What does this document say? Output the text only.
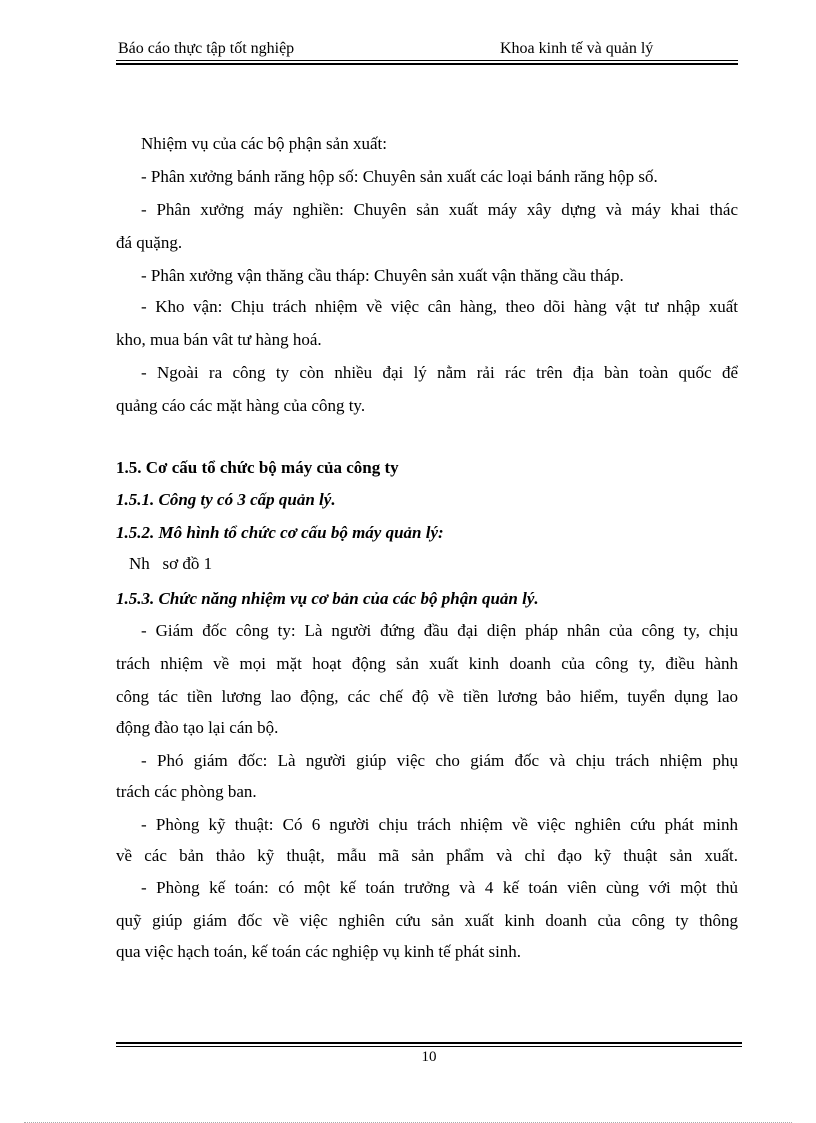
Báo cáo thực tập tốt nghiệp	Khoa kinh tế và quản lý
Nhiệm vụ của các bộ phận sản xuất:
- Phân xưởng bánh răng hộp số: Chuyên sản xuất các loại bánh răng hộp số.
- Phân xưởng máy nghiền: Chuyên sản xuất máy xây dựng và máy khai thác
đá quặng.
- Phân xưởng vận thăng cầu tháp: Chuyên sản xuất vận thăng cầu tháp.
- Kho vận: Chịu trách nhiệm về việc cân hàng, theo dõi hàng vật tư nhập xuất
kho, mua bán vât tư hàng hoá.
- Ngoài ra công ty còn nhiều đại lý nằm rải rác trên địa bàn toàn quốc để
quảng cáo các mặt hàng của công ty.
1.5. Cơ cấu tổ chức bộ máy của công ty
1.5.1. Công ty có 3 cấp quản lý.
1.5.2. Mô hình tổ chức cơ cấu bộ máy quản lý:
Nh   sơ đồ 1
1.5.3. Chức năng nhiệm vụ cơ bản của các bộ phận quản lý.
- Giám đốc công ty: Là người đứng đầu đại diện pháp nhân của công ty, chịu
trách nhiệm về mọi mặt hoạt động sản xuất kinh doanh của công ty, điều hành
công tác tiền lương lao động, các chế độ về tiền lương bảo hiểm, tuyển dụng lao
động đào tạo lại cán bộ.
- Phó giám đốc: Là người giúp việc cho giám đốc và chịu trách nhiệm phụ
trách các phòng ban.
- Phòng kỹ thuật: Có 6 người chịu trách nhiệm về việc nghiên cứu phát minh
về các bản thảo kỹ thuật, mẫu mã sản phẩm và chỉ đạo kỹ thuật sản xuất.
- Phòng kế toán: có một kế toán trưởng và 4 kế toán viên cùng với một thủ
quỹ giúp giám đốc về việc nghiên cứu sản xuất kinh doanh của công ty thông
qua việc hạch toán, kế toán các nghiệp vụ kinh tế phát sinh.
10
